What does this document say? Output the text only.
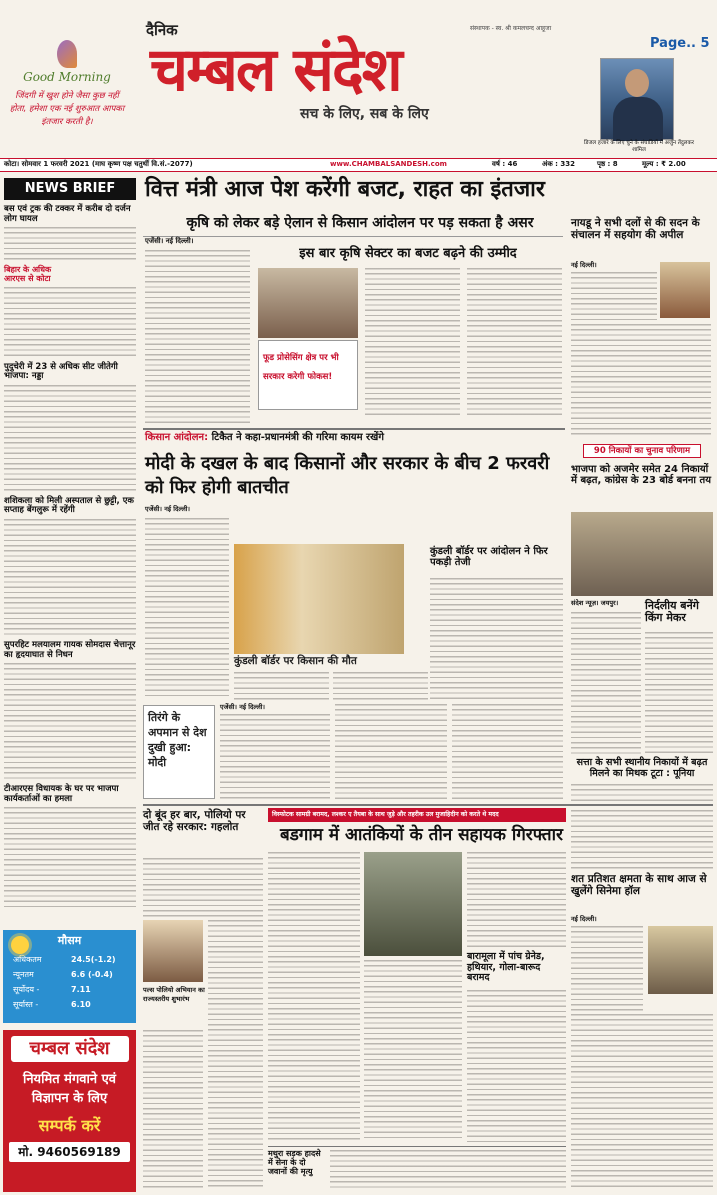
Good Morning
जिंदगी में खुश होने जैसा कुछ नहीं होता, हमेशा एक नई शुरुआत आपका इंतजार करती है।
दैनिक
चम्बल संदेश
संस्थापक - स्व. श्री कमलचन्द आहूजा
सच के लिए, सब के लिए
Page.. 5
डिजल हजारे के लिए चुने के संघाडियों में अर्जुन तेंदुलकर शामिल
कोटा। सोमवार 1 फरवरी 2021 (माघ कृष्ण पक्ष चतुर्थी वि.सं.-2077)	www.CHAMBALSANDESH.com	वर्ष : 46	अंक : 332	पृष्ठ : 8	मूल्य : ₹ 2.00
NEWS BRIEF
बस एवं ट्रक की टक्कर में करीब दो दर्जन लोग घायल
बिहार के अधिक आरएस से कोटा
पुदुचेरी में 23 से अधिक सीट जीतेगी भाजपा: नड्डा
शशिकला को मिली अस्पताल से छुट्टी, एक सप्ताह बेंगलुरू में रहेंगी
सुपरहिट मलयालम गायक सोमदास चेत्तानूर का हृदयाघात से निधन
टीआरएस विधायक के घर पर भाजपा कार्यकर्ताओं का हमला
मौसम
अधिकतम	24.5(-1.2)
न्यूनतम	6.6 (-0.4)
सूर्योदय -	7.11
सूर्यास्त -	6.10
चम्बल संदेश
नियमित मंगवाने एवं विज्ञापन के लिए
सम्पर्क करें
मो. 9460569189
वित्त मंत्री आज पेश करेंगी बजट, राहत का इंतजार
कृषि को लेकर बड़े ऐलान से किसान आंदोलन पर पड़ सकता है असर
एजेंसी। नई दिल्ली।
इस बार कृषि सेक्टर का बजट बढ़ने की उम्मीद
फूड प्रोसेसिंग क्षेत्र पर भी सरकार करेगी फोकस!
नायडू ने सभी दलों से की सदन के संचालन में सहयोग की अपील
नई दिल्ली।
90 निकायों का चुनाव परिणाम
भाजपा को अजमेर समेत 24 निकायों में बढ़त, कांग्रेस के 23 बोर्ड बनना तय
किसान आंदोलन: टिकैत ने कहा-प्रधानमंत्री की गरिमा कायम रखेंगे
मोदी के दखल के बाद किसानों और सरकार के बीच 2 फरवरी को फिर होगी बातचीत
एजेंसी। नई दिल्ली।
कुंडली बॉर्डर पर किसान की मौत
कुंडली बॉर्डर पर आंदोलन ने फिर पकड़ी तेजी
संदेश न्यूज़। जयपुर। निर्दलीय बनेंगे किंग मेकर
सत्ता के सभी स्थानीय निकायों में बढ़त मिलने का मिथक टूटा : पूनिया
तिरंगे के अपमान से देश दुखी हुआ: मोदी
एजेंसी। नई दिल्ली।
दो बूंद हर बार, पोलियो पर जीत रहे सरकार: गहलोत
पल्स पोलियो अभियान का राज्यस्तरीय शुभारंभ
विस्फोटक सामग्री बरामद, लश्कर ए तैयबा के साथ जुड़े और तहरीक उल मुजाहिदीन को करते थे मदद
बडगाम में आतंकियों के तीन सहायक गिरफ्तार
बारामूला में पांच ग्रेनेड, हथियार, गोला-बारूद बरामद
मथुरा सड़क हादसे में सेना के दो जवानों की मृत्यु
शत प्रतिशत क्षमता के साथ आज से खुलेंगे सिनेमा हॉल
नई दिल्ली।
